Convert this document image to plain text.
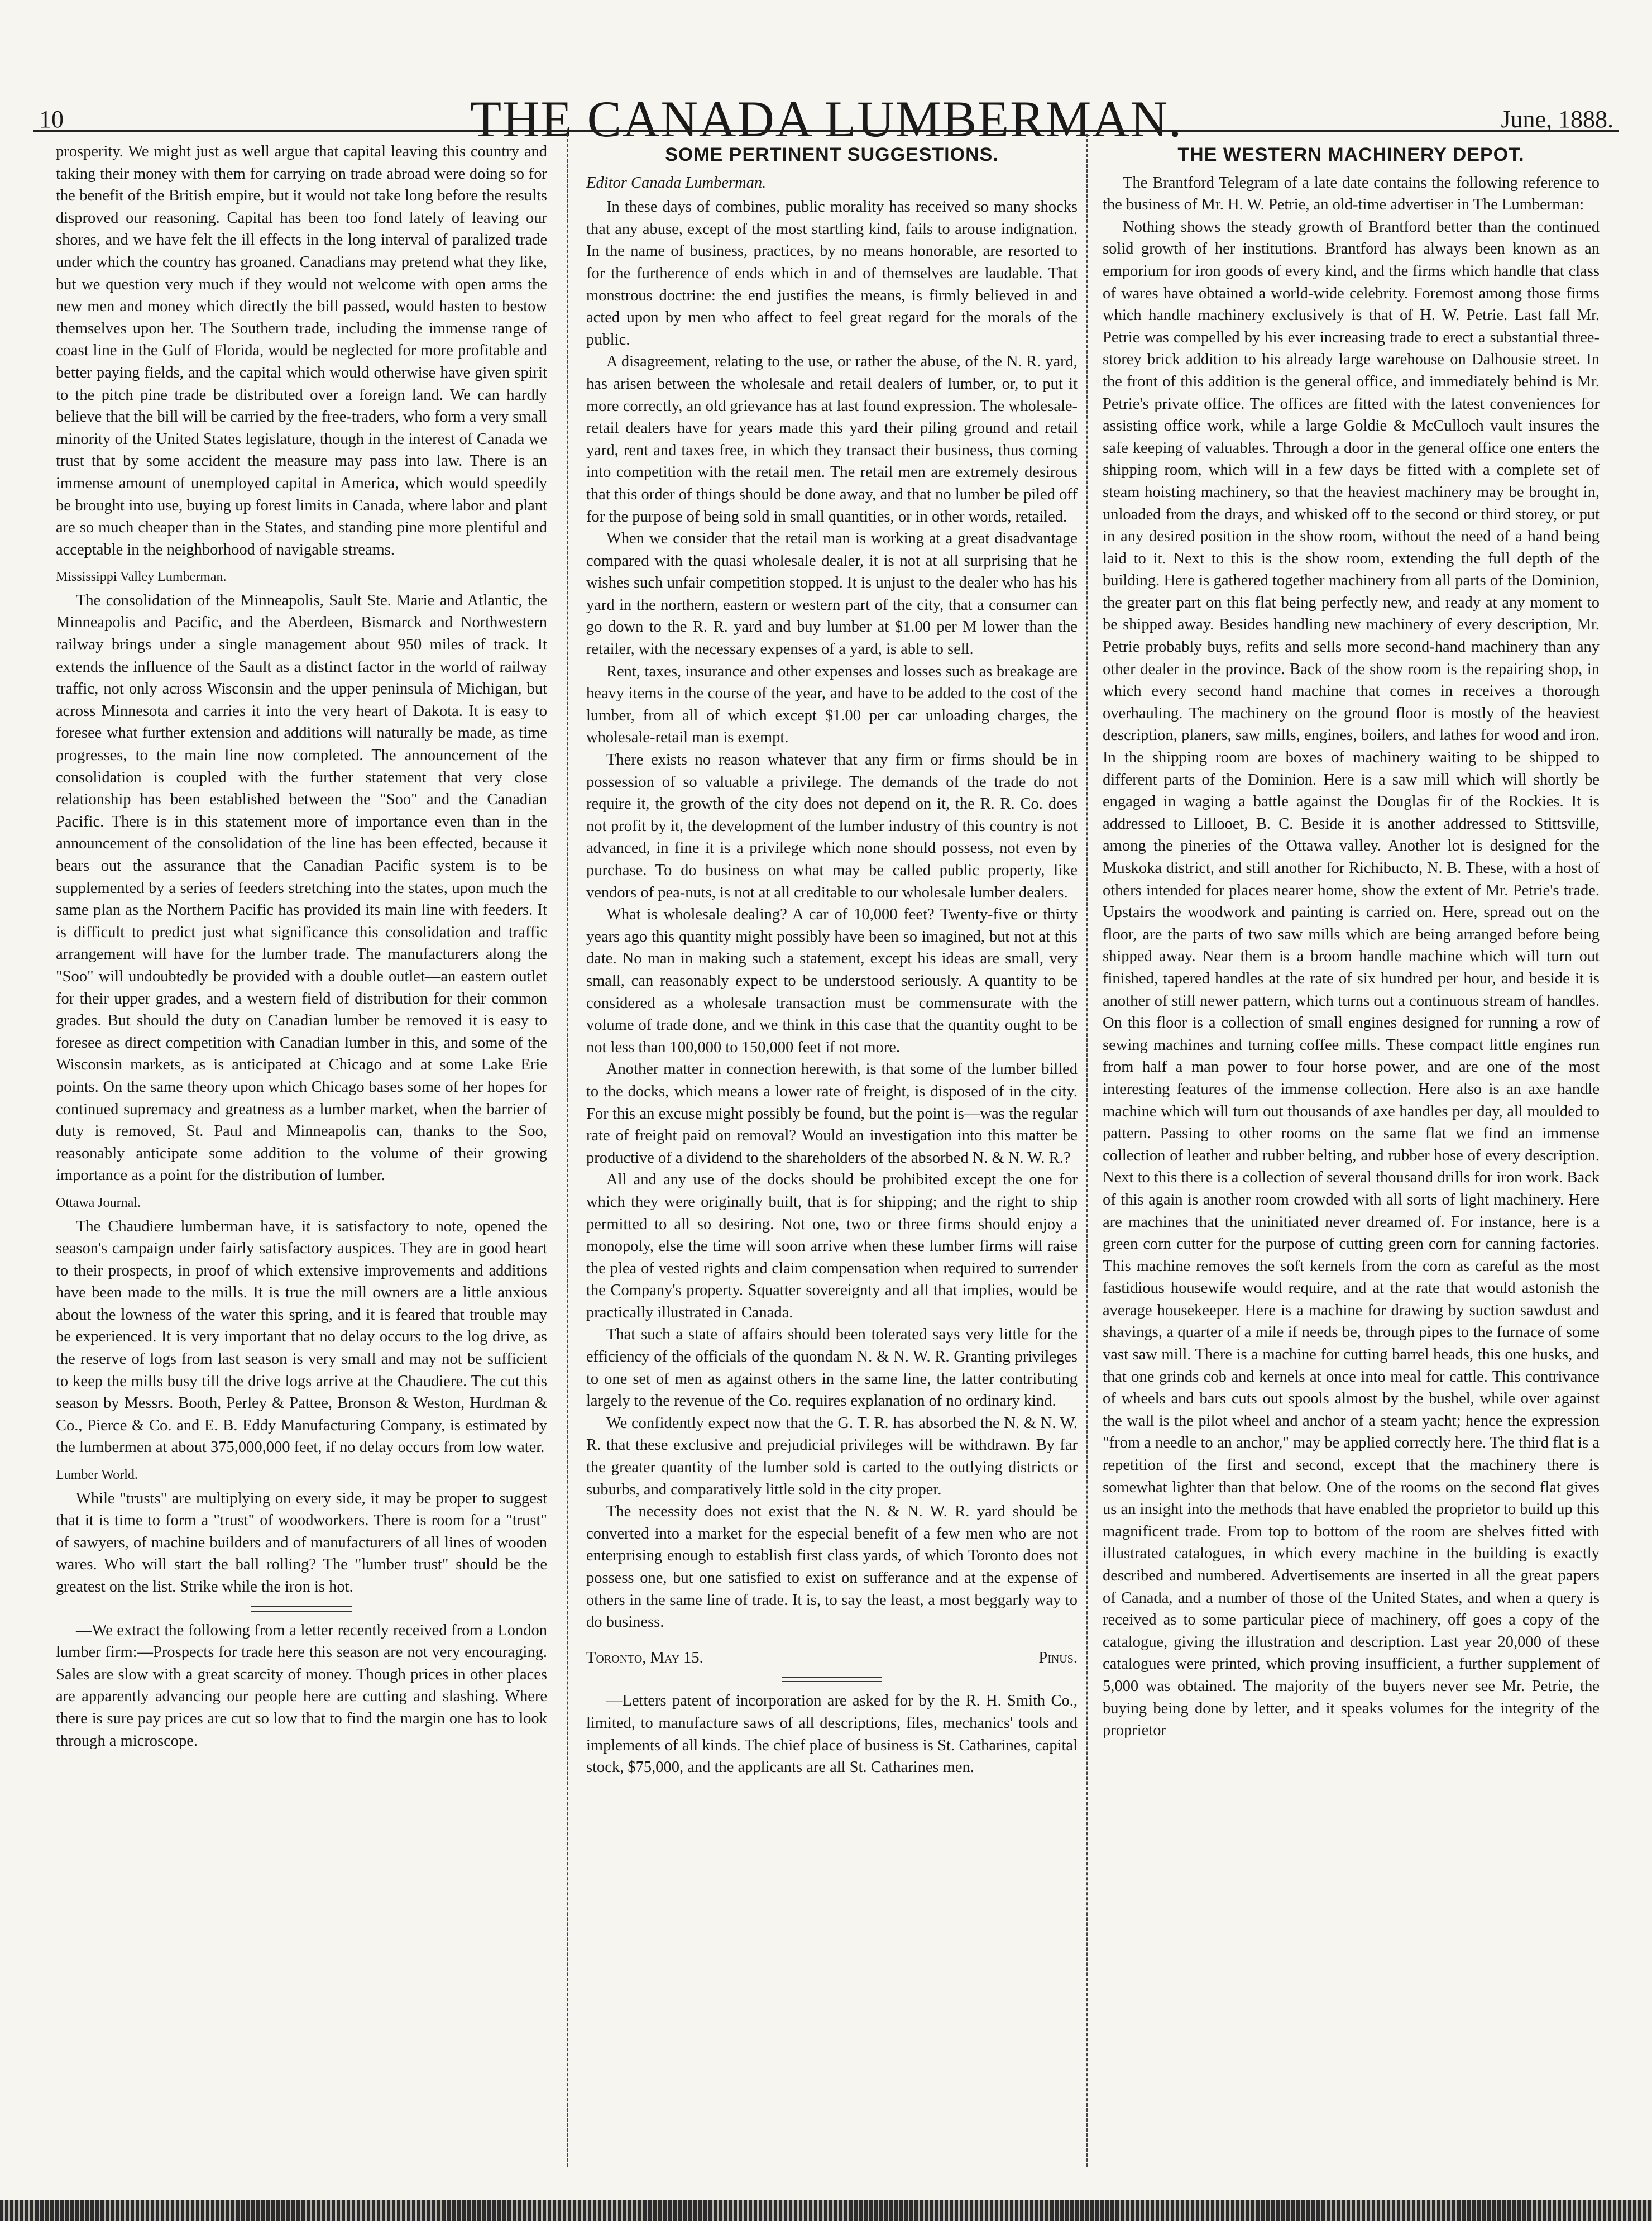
10	THE CANADA LUMBERMAN.	June, 1888.

prosperity. We might just as well argue that capital leaving this country and taking their money with them for carrying on trade abroad were doing so for the benefit of the British empire, but it would not take long before the results disproved our reasoning. Capital has been too fond lately of leaving our shores, and we have felt the ill effects in the long interval of paralized trade under which the country has groaned. Canadians may pretend what they like, but we question very much if they would not welcome with open arms the new men and money which directly the bill passed, would hasten to bestow themselves upon her. The Southern trade, including the immense range of coast line in the Gulf of Florida, would be neglected for more profitable and better paying fields, and the capital which would otherwise have given spirit to the pitch pine trade be distributed over a foreign land. We can hardly believe that the bill will be carried by the free-traders, who form a very small minority of the United States legislature, though in the interest of Canada we trust that by some accident the measure may pass into law. There is an immense amount of unemployed capital in America, which would speedily be brought into use, buying up forest limits in Canada, where labor and plant are so much cheaper than in the States, and standing pine more plentiful and acceptable in the neighborhood of navigable streams.

Mississippi Valley Lumberman.

The consolidation of the Minneapolis, Sault Ste. Marie and Atlantic, the Minneapolis and Pacific, and the Aberdeen, Bismarck and Northwestern railway brings under a single management about 950 miles of track. It extends the influence of the Sault as a distinct factor in the world of railway traffic, not only across Wisconsin and the upper peninsula of Michigan, but across Minnesota and carries it into the very heart of Dakota. It is easy to foresee what further extension and additions will naturally be made, as time progresses, to the main line now completed. The announcement of the consolidation is coupled with the further statement that very close relationship has been established between the "Soo" and the Canadian Pacific. There is in this statement more of importance even than in the announcement of the consolidation of the line has been effected, because it bears out the assurance that the Canadian Pacific system is to be supplemented by a series of feeders stretching into the states, upon much the same plan as the Northern Pacific has provided its main line with feeders. It is difficult to predict just what significance this consolidation and traffic arrangement will have for the lumber trade. The manufacturers along the "Soo" will undoubtedly be provided with a double outlet—an eastern outlet for their upper grades, and a western field of distribution for their common grades. But should the duty on Canadian lumber be removed it is easy to foresee as direct competition with Canadian lumber in this, and some of the Wisconsin markets, as is anticipated at Chicago and at some Lake Erie points. On the same theory upon which Chicago bases some of her hopes for continued supremacy and greatness as a lumber market, when the barrier of duty is removed, St. Paul and Minneapolis can, thanks to the Soo, reasonably anticipate some addition to the volume of their growing importance as a point for the distribution of lumber.

Ottawa Journal.

The Chaudiere lumberman have, it is satisfactory to note, opened the season's campaign under fairly satisfactory auspices. They are in good heart to their prospects, in proof of which extensive improvements and additions have been made to the mills. It is true the mill owners are a little anxious about the lowness of the water this spring, and it is feared that trouble may be experienced. It is very important that no delay occurs to the log drive, as the reserve of logs from last season is very small and may not be sufficient to keep the mills busy till the drive logs arrive at the Chaudiere. The cut this season by Messrs. Booth, Perley & Pattee, Bronson & Weston, Hurdman & Co., Pierce & Co. and E. B. Eddy Manufacturing Company, is estimated by the lumbermen at about 375,000,000 feet, if no delay occurs from low water.

Lumber World.

While "trusts" are multiplying on every side, it may be proper to suggest that it is time to form a "trust" of woodworkers. There is room for a "trust" of sawyers, of machine builders and of manufacturers of all lines of wooden wares. Who will start the ball rolling? The "lumber trust" should be the greatest on the list. Strike while the iron is hot.

—We extract the following from a letter recently received from a London lumber firm:—Prospects for trade here this season are not very encouraging. Sales are slow with a great scarcity of money. Though prices in other places are apparently advancing our people here are cutting and slashing. Where there is sure pay prices are cut so low that to find the margin one has to look through a microscope.

SOME PERTINENT SUGGESTIONS.

Editor Canada Lumberman.

In these days of combines, public morality has received so many shocks that any abuse, except of the most startling kind, fails to arouse indignation. In the name of business, practices, by no means honorable, are resorted to for the furtherence of ends which in and of themselves are laudable. That monstrous doctrine: the end justifies the means, is firmly believed in and acted upon by men who affect to feel great regard for the morals of the public.

A disagreement, relating to the use, or rather the abuse, of the N. R. yard, has arisen between the wholesale and retail dealers of lumber, or, to put it more correctly, an old grievance has at last found expression. The wholesale-retail dealers have for years made this yard their piling ground and retail yard, rent and taxes free, in which they transact their business, thus coming into competition with the retail men. The retail men are extremely desirous that this order of things should be done away, and that no lumber be piled off for the purpose of being sold in small quantities, or in other words, retailed.

When we consider that the retail man is working at a great disadvantage compared with the quasi wholesale dealer, it is not at all surprising that he wishes such unfair competition stopped. It is unjust to the dealer who has his yard in the northern, eastern or western part of the city, that a consumer can go down to the R. R. yard and buy lumber at $1.00 per M lower than the retailer, with the necessary expenses of a yard, is able to sell.

Rent, taxes, insurance and other expenses and losses such as breakage are heavy items in the course of the year, and have to be added to the cost of the lumber, from all of which except $1.00 per car unloading charges, the wholesale-retail man is exempt.

There exists no reason whatever that any firm or firms should be in possession of so valuable a privilege. The demands of the trade do not require it, the growth of the city does not depend on it, the R. R. Co. does not profit by it, the development of the lumber industry of this country is not advanced, in fine it is a privilege which none should possess, not even by purchase. To do business on what may be called public property, like vendors of pea-nuts, is not at all creditable to our wholesale lumber dealers.

What is wholesale dealing? A car of 10,000 feet? Twenty-five or thirty years ago this quantity might possibly have been so imagined, but not at this date. No man in making such a statement, except his ideas are small, very small, can reasonably expect to be understood seriously. A quantity to be considered as a wholesale transaction must be commensurate with the volume of trade done, and we think in this case that the quantity ought to be not less than 100,000 to 150,000 feet if not more.

Another matter in connection herewith, is that some of the lumber billed to the docks, which means a lower rate of freight, is disposed of in the city. For this an excuse might possibly be found, but the point is—was the regular rate of freight paid on removal? Would an investigation into this matter be productive of a dividend to the shareholders of the absorbed N. & N. W. R.?

All and any use of the docks should be prohibited except the one for which they were originally built, that is for shipping; and the right to ship permitted to all so desiring. Not one, two or three firms should enjoy a monopoly, else the time will soon arrive when these lumber firms will raise the plea of vested rights and claim compensation when required to surrender the Company's property. Squatter sovereignty and all that implies, would be practically illustrated in Canada.

That such a state of affairs should been tolerated says very little for the efficiency of the officials of the quondam N. & N. W. R. Granting privileges to one set of men as against others in the same line, the latter contributing largely to the revenue of the Co. requires explanation of no ordinary kind.

We confidently expect now that the G. T. R. has absorbed the N. & N. W. R. that these exclusive and prejudicial privileges will be withdrawn. By far the greater quantity of the lumber sold is carted to the outlying districts or suburbs, and comparatively little sold in the city proper.

The necessity does not exist that the N. & N. W. R. yard should be converted into a market for the especial benefit of a few men who are not enterprising enough to establish first class yards, of which Toronto does not possess one, but one satisfied to exist on sufferance and at the expense of others in the same line of trade. It is, to say the least, a most beggarly way to do business.

Toronto, May 15.	Pinus.

—Letters patent of incorporation are asked for by the R. H. Smith Co., limited, to manufacture saws of all descriptions, files, mechanics' tools and implements of all kinds. The chief place of business is St. Catharines, capital stock, $75,000, and the applicants are all St. Catharines men.

THE WESTERN MACHINERY DEPOT.

The Brantford Telegram of a late date contains the following reference to the business of Mr. H. W. Petrie, an old-time advertiser in The Lumberman:

Nothing shows the steady growth of Brantford better than the continued solid growth of her institutions. Brantford has always been known as an emporium for iron goods of every kind, and the firms which handle that class of wares have obtained a world-wide celebrity. Foremost among those firms which handle machinery exclusively is that of H. W. Petrie. Last fall Mr. Petrie was compelled by his ever increasing trade to erect a substantial three-storey brick addition to his already large warehouse on Dalhousie street. In the front of this addition is the general office, and immediately behind is Mr. Petrie's private office. The offices are fitted with the latest conveniences for assisting office work, while a large Goldie & McCulloch vault insures the safe keeping of valuables. Through a door in the general office one enters the shipping room, which will in a few days be fitted with a complete set of steam hoisting machinery, so that the heaviest machinery may be brought in, unloaded from the drays, and whisked off to the second or third storey, or put in any desired position in the show room, without the need of a hand being laid to it. Next to this is the show room, extending the full depth of the building. Here is gathered together machinery from all parts of the Dominion, the greater part on this flat being perfectly new, and ready at any moment to be shipped away. Besides handling new machinery of every description, Mr. Petrie probably buys, refits and sells more second-hand machinery than any other dealer in the province. Back of the show room is the repairing shop, in which every second hand machine that comes in receives a thorough overhauling. The machinery on the ground floor is mostly of the heaviest description, planers, saw mills, engines, boilers, and lathes for wood and iron. In the shipping room are boxes of machinery waiting to be shipped to different parts of the Dominion. Here is a saw mill which will shortly be engaged in waging a battle against the Douglas fir of the Rockies. It is addressed to Lillooet, B. C. Beside it is another addressed to Stittsville, among the pineries of the Ottawa valley. Another lot is designed for the Muskoka district, and still another for Richibucto, N. B. These, with a host of others intended for places nearer home, show the extent of Mr. Petrie's trade. Upstairs the woodwork and painting is carried on. Here, spread out on the floor, are the parts of two saw mills which are being arranged before being shipped away. Near them is a broom handle machine which will turn out finished, tapered handles at the rate of six hundred per hour, and beside it is another of still newer pattern, which turns out a continuous stream of handles. On this floor is a collection of small engines designed for running a row of sewing machines and turning coffee mills. These compact little engines run from half a man power to four horse power, and are one of the most interesting features of the immense collection. Here also is an axe handle machine which will turn out thousands of axe handles per day, all moulded to pattern. Passing to other rooms on the same flat we find an immense collection of leather and rubber belting, and rubber hose of every description. Next to this there is a collection of several thousand drills for iron work. Back of this again is another room crowded with all sorts of light machinery. Here are machines that the uninitiated never dreamed of. For instance, here is a green corn cutter for the purpose of cutting green corn for canning factories. This machine removes the soft kernels from the corn as careful as the most fastidious housewife would require, and at the rate that would astonish the average housekeeper. Here is a machine for drawing by suction sawdust and shavings, a quarter of a mile if needs be, through pipes to the furnace of some vast saw mill. There is a machine for cutting barrel heads, this one husks, and that one grinds cob and kernels at once into meal for cattle. This contrivance of wheels and bars cuts out spools almost by the bushel, while over against the wall is the pilot wheel and anchor of a steam yacht; hence the expression "from a needle to an anchor," may be applied correctly here. The third flat is a repetition of the first and second, except that the machinery there is somewhat lighter than that below. One of the rooms on the second flat gives us an insight into the methods that have enabled the proprietor to build up this magnificent trade. From top to bottom of the room are shelves fitted with illustrated catalogues, in which every machine in the building is exactly described and numbered. Advertisements are inserted in all the great papers of Canada, and a number of those of the United States, and when a query is received as to some particular piece of machinery, off goes a copy of the catalogue, giving the illustration and description. Last year 20,000 of these catalogues were printed, which proving insufficient, a further supplement of 5,000 was obtained. The majority of the buyers never see Mr. Petrie, the buying being done by letter, and it speaks volumes for the integrity of the proprietor
